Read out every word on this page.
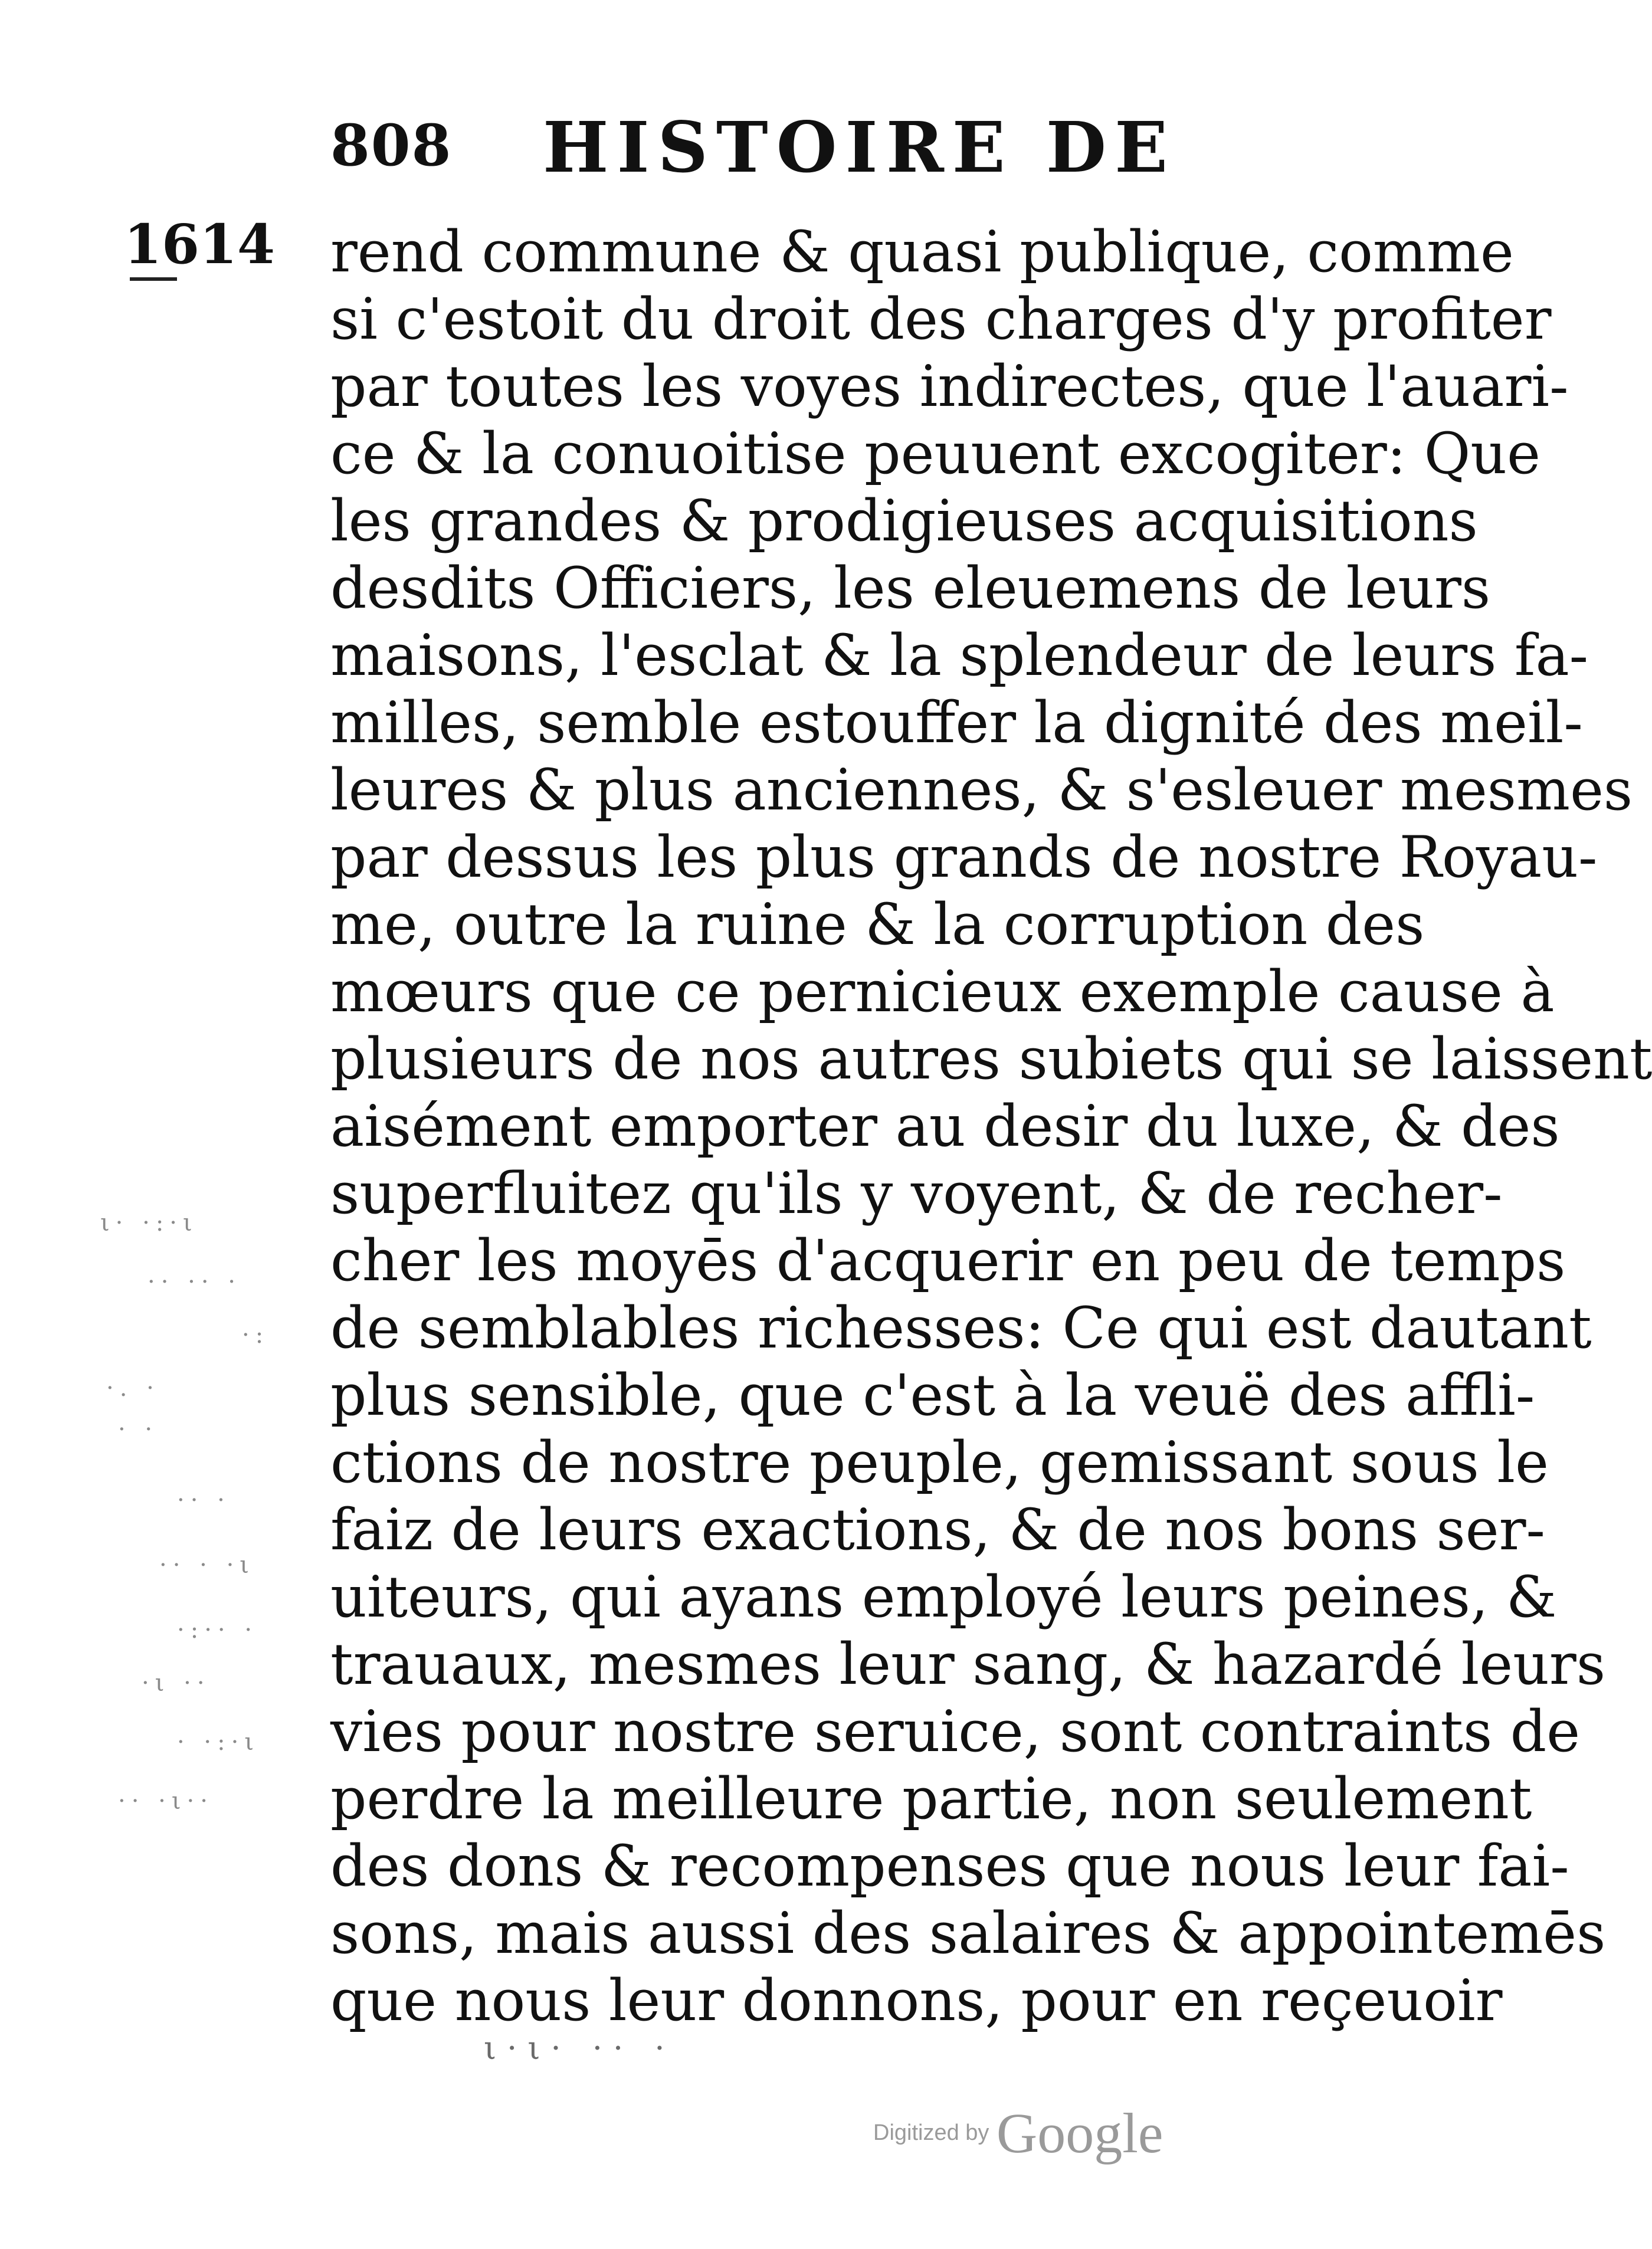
808 HISTOIRE DE
1614 rend commune & quasi publique, comme
si c'estoit du droit des charges d'y profiter
par toutes les voyes indirectes, que l'auari-
ce & la conuoitise peuuent excogiter: Que
les grandes & prodigieuses acquisitions
desdits Officiers, les eleuemens de leurs
maisons, l'esclat & la splendeur de leurs fa-
milles, semble estouffer la dignité des meil-
leures & plus anciennes, & s'esleuer mesmes
par dessus les plus grands de nostre Royau-
me, outre la ruine & la corruption des
mœurs que ce pernicieux exemple cause à
plusieurs de nos autres subiets qui se laissent
aisément emporter au desir du luxe, & des
superfluitez qu'ils y voyent, & de recher-
cher les moyēs d'acquerir en peu de temps
de semblables richesses: Ce qui est dautant
plus sensible, que c'est à la veuë des affli-
ctions de nostre peuple, gemissant sous le
faiz de leurs exactions, & de nos bons ser-
uiteurs, qui ayans employé leurs peines, &
trauaux, mesmes leur sang, & hazardé leurs
vies pour nostre seruice, sont contraints de
perdre la meilleure partie, non seulement
des dons & recompenses que nous leur fai-
sons, mais aussi des salaires & appointemēs
que nous leur donnons, pour en reçeuoir
ι· ·:·ι
·· ·· ·
·:
·. ·
· ·
·· ·
·· · ·ι
·:·· ·
·ι ··
· ·:·ι
·· ·ι··
ι·ι· ·· ·
Digitized by Google
